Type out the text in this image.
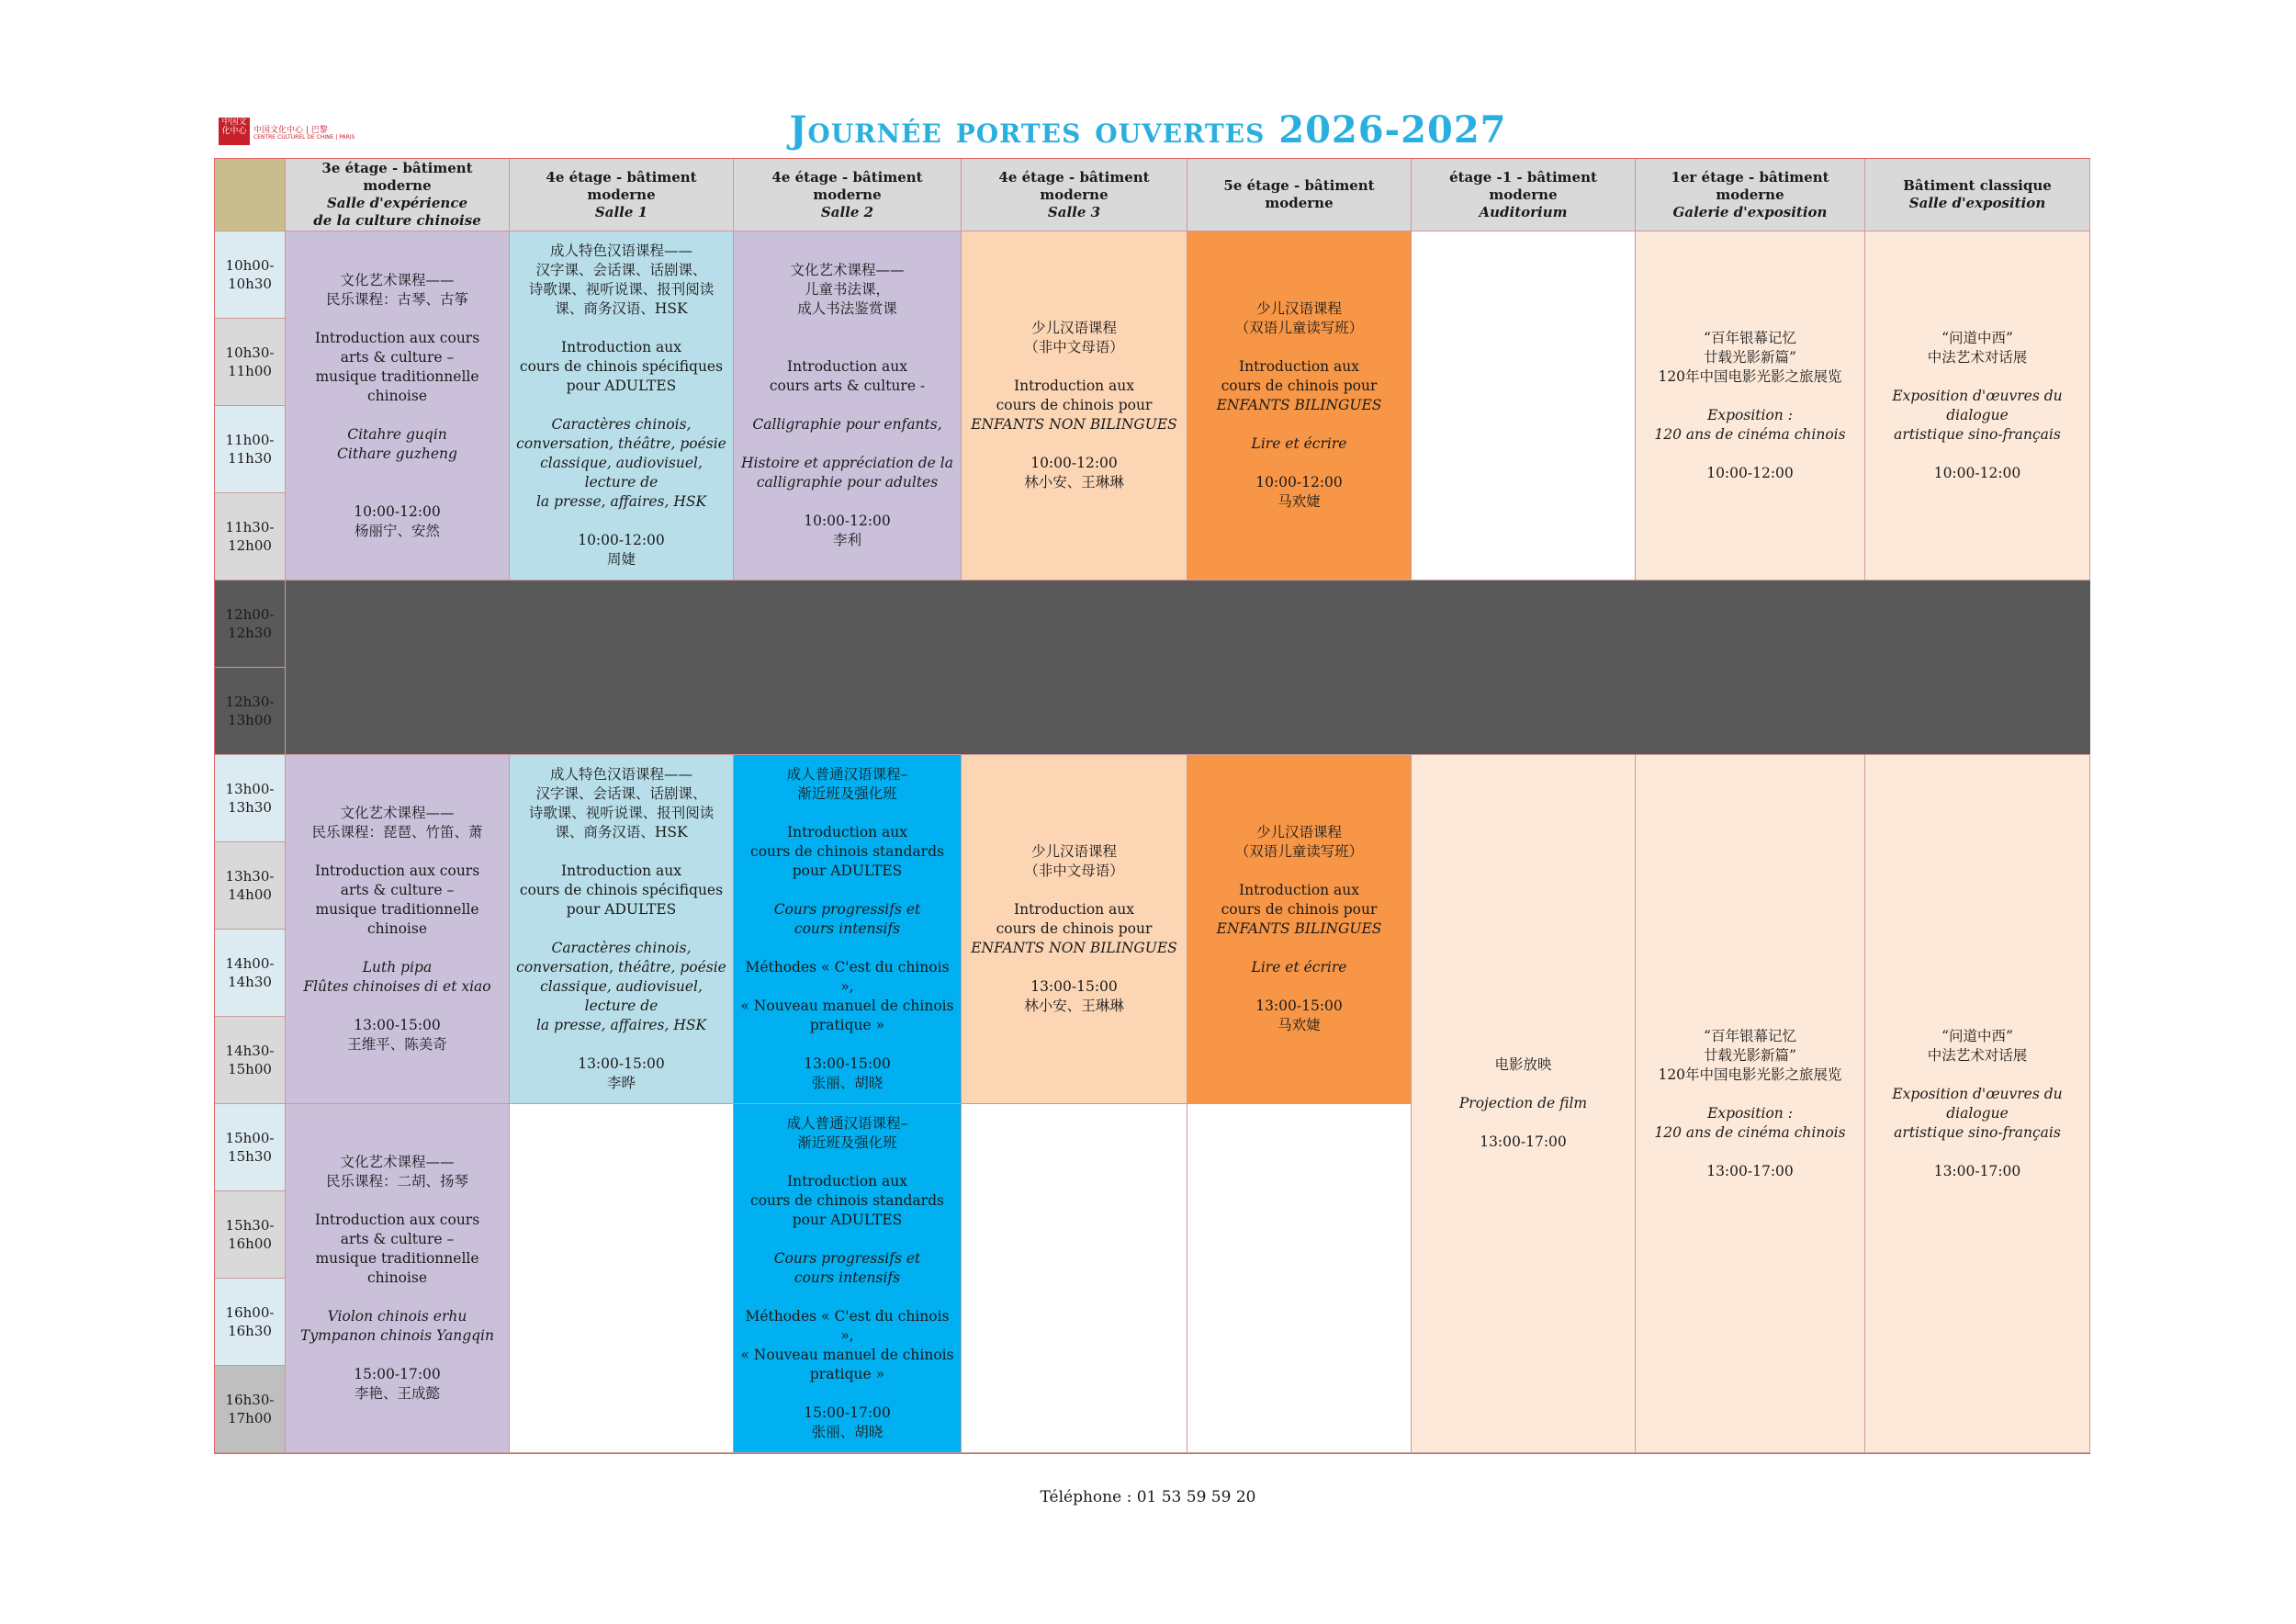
中国文化中心 中国文化中心 | 巴黎
CENTRE CULTUREL DE CHINE | PARIS	Journée portes ouvertes 2026-2027
3e étage - bâtiment moderne
Salle d'expérience
de la culture chinoise
4e étage - bâtiment moderne
Salle 1
4e étage - bâtiment moderne
Salle 2
4e étage - bâtiment moderne
Salle 3
5e étage - bâtiment moderne
étage -1 - bâtiment moderne
Auditorium
1er étage - bâtiment moderne
Galerie d'exposition
Bâtiment classique
Salle d'exposition
10h00-
10h30
10h30-
11h00
11h00-
11h30
11h30-
12h00
12h00-
12h30
12h30-
13h00
13h00-
13h30
13h30-
14h00
14h00-
14h30
14h30-
15h00
15h00-
15h30
15h30-
16h00
16h00-
16h30
16h30-
17h00
文化艺术课程——
民乐课程：古琴、古筝
Introduction aux cours
arts & culture –
musique traditionnelle chinoise
Citahre guqin
Cithare guzheng
10:00-12:00
杨丽宁、安然
成人特色汉语课程——
汉字课、会话课、话剧课、
诗歌课、视听说课、报刊阅读
课、商务汉语、HSK
Introduction aux
cours de chinois spécifiques
pour ADULTES
Caractères chinois,
conversation, théâtre, poésie
classique, audiovisuel, lecture de
la presse, affaires, HSK
10:00-12:00
周婕
文化艺术课程——
儿童书法课，
成人书法鉴赏课
Introduction aux
cours arts & culture -
Calligraphie pour enfants,
Histoire et appréciation de la
calligraphie pour adultes
10:00-12:00
李利
少儿汉语课程
（非中文母语）
Introduction aux
cours de chinois pour
ENFANTS NON BILINGUES
10:00-12:00
林小安、王琳琳
少儿汉语课程
（双语儿童读写班）
Introduction aux
cours de chinois pour
ENFANTS BILINGUES
Lire et écrire
10:00-12:00
马欢婕
“百年银幕记忆
廿载光影新篇”
120年中国电影光影之旅展览
Exposition :
120 ans de cinéma chinois
10:00-12:00
“问道中西”
中法艺术对话展
Exposition d'œuvres du dialogue
artistique sino-français
10:00-12:00
文化艺术课程——
民乐课程：琵琶、竹笛、萧
Introduction aux cours
arts & culture –
musique traditionnelle chinoise
Luth pipa
Flûtes chinoises di et xiao
13:00-15:00
王维平、陈美奇
成人特色汉语课程——
汉字课、会话课、话剧课、
诗歌课、视听说课、报刊阅读
课、商务汉语、HSK
Introduction aux
cours de chinois spécifiques
pour ADULTES
Caractères chinois,
conversation, théâtre, poésie
classique, audiovisuel, lecture de
la presse, affaires, HSK
13:00-15:00
李晔
成人普通汉语课程–
渐近班及强化班
Introduction aux
cours de chinois standards
pour ADULTES
Cours progressifs et
cours intensifs
Méthodes « C'est du chinois »,
« Nouveau manuel de chinois
pratique »
13:00-15:00
张丽、胡晓
少儿汉语课程
（非中文母语）
Introduction aux
cours de chinois pour
ENFANTS NON BILINGUES
13:00-15:00
林小安、王琳琳
少儿汉语课程
（双语儿童读写班）
Introduction aux
cours de chinois pour
ENFANTS BILINGUES
Lire et écrire
13:00-15:00
马欢婕
电影放映
Projection de film
13:00-17:00
“百年银幕记忆
廿载光影新篇”
120年中国电影光影之旅展览
Exposition :
120 ans de cinéma chinois
13:00-17:00
“问道中西”
中法艺术对话展
Exposition d'œuvres du dialogue
artistique sino-français
13:00-17:00
文化艺术课程——
民乐课程：二胡、扬琴
Introduction aux cours
arts & culture –
musique traditionnelle chinoise
Violon chinois erhu
Tympanon chinois Yangqin
15:00-17:00
李艳、王成懿
成人普通汉语课程–
渐近班及强化班
Introduction aux
cours de chinois standards
pour ADULTES
Cours progressifs et
cours intensifs
Méthodes « C'est du chinois »,
« Nouveau manuel de chinois
pratique »
15:00-17:00
张丽、胡晓
Téléphone : 01 53 59 59 20
